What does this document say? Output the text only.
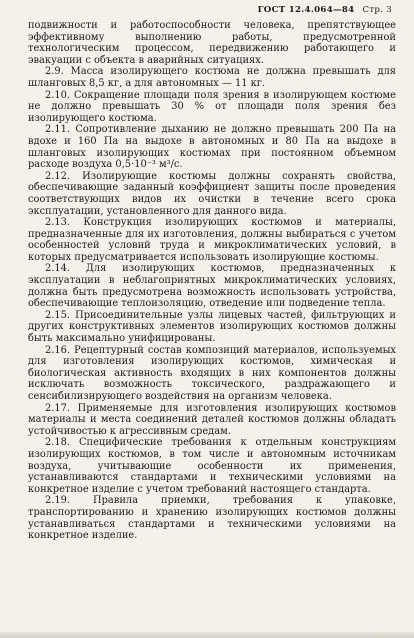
ГОСТ 12.4.064—84 Стр. 3

подвижности и работоспособности человека, препятствующее эффективному выполнению работы, предусмотренной технологическим процессом, передвижению работающего и эвакуации с объекта в аварийных ситуациях.

2.9. Масса изолирующего костюма не должна превышать для шланговых 8,5 кг, а для автономных — 11 кг.

2.10. Сокращение площади поля зрения в изолирующем костюме не должно превышать 30 % от площади поля зрения без изолирующего костюма.

2.11. Сопротивление дыханию не должно превышать 200 Па на вдохе и 160 Па на выдохе в автономных и 80 Па на выдохе в шланговых изолирующих костюмах при постоянном объемном расходе воздуха 0,5·10⁻³ м³/с.

2.12. Изолирующие костюмы должны сохранять свойства, обеспечивающие заданный коэффициент защиты после проведения соответствующих видов их очистки в течение всего срока эксплуатации, установленного для данного вида.

2.13. Конструкция изолирующих костюмов и материалы, предназначенные для их изготовления, должны выбираться с учетом особенностей условий труда и микроклиматических условий, в которых предусматривается использовать изолирующие костюмы.

2.14. Для изолирующих костюмов, предназначенных к эксплуатации в неблагоприятных микроклиматических условиях, должна быть предусмотрена возможность использовать устройства, обеспечивающие теплоизоляцию, отведение или подведение тепла.

2.15. Присоединительные узлы лицевых частей, фильтрующих и других конструктивных элементов изолирующих костюмов должны быть максимально унифицированы.

2.16. Рецептурный состав композиций материалов, используемых для изготовления изолирующих костюмов, химическая и биологическая активность входящих в них компонентов должны исключать возможность токсического, раздражающего и сенсибилизирующего воздействия на организм человека.

2.17. Применяемые для изготовления изолирующих костюмов материалы и места соединений деталей костюмов должны обладать устойчивостью к агрессивным средам.

2.18. Специфические требования к отдельным конструкциям изолирующих костюмов, в том числе и автономным источникам воздуха, учитывающие особенности их применения, устанавливаются стандартами и техническими условиями на конкретное изделие с учетом требований настоящего стандарта.

2.19. Правила приемки, требования к упаковке, транспортированию и хранению изолирующих костюмов должны устанавливаться стандартами и техническими условиями на конкретное изделие.
